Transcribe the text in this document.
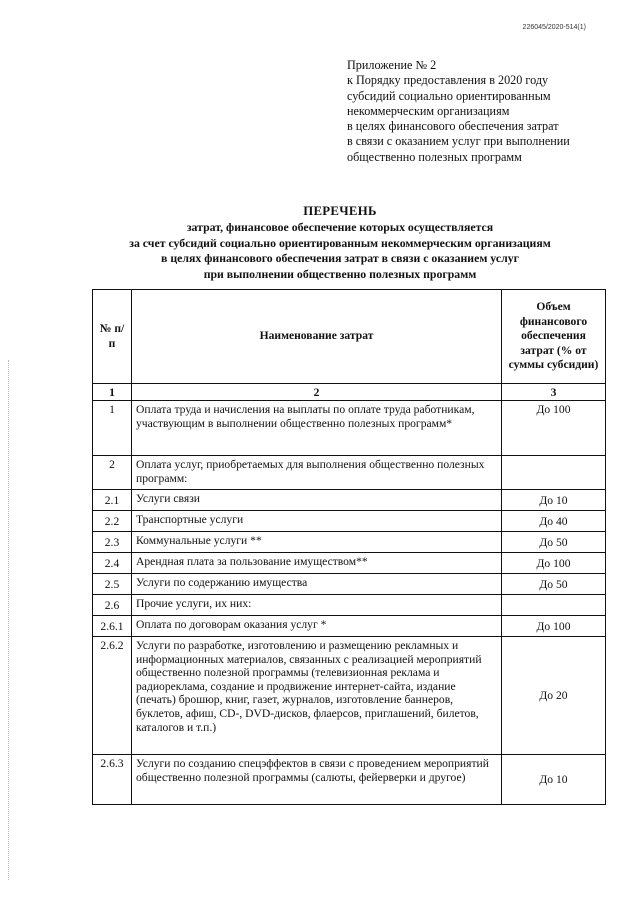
226045/2020-514(1)
Приложение № 2
к Порядку предоставления в 2020 году
субсидий социально ориентированным
некоммерческим организациям
в целях финансового обеспечения затрат
в связи с оказанием услуг при выполнении
общественно полезных программ
ПЕРЕЧЕНЬ
затрат, финансовое обеспечение которых осуществляется
за счет субсидий социально ориентированным некоммерческим организациям
в целях финансового обеспечения затрат в связи с оказанием услуг
при выполнении общественно полезных программ
№ п/п	Наименование затрат	Объем финансового обеспечения затрат (% от суммы субсидии)
1	2	3
1	Оплата труда и начисления на выплаты по оплате труда работникам, участвующим в выполнении общественно полезных программ*	До 100
2	Оплата услуг, приобретаемых для выполнения общественно полезных программ:	
2.1	Услуги связи	До 10
2.2	Транспортные услуги	До 40
2.3	Коммунальные услуги **	До 50
2.4	Арендная плата за пользование имуществом**	До 100
2.5	Услуги по содержанию имущества	До 50
2.6	Прочие услуги, их них:	
2.6.1	Оплата по договорам оказания услуг *	До 100
2.6.2	Услуги по разработке, изготовлению и размещению рекламных и информационных материалов, связанных с реализацией мероприятий общественно полезной программы (телевизионная реклама и радиореклама, создание и продвижение интернет-сайта, издание (печать) брошюр, книг, газет, журналов, изготовление баннеров, буклетов, афиш, CD-, DVD-дисков, флаерсов, приглашений, билетов, каталогов и т.п.)	До 20
2.6.3	Услуги по созданию спецэффектов в связи с проведением мероприятий общественно полезной программы (салюты, фейерверки и другое)	До 10
